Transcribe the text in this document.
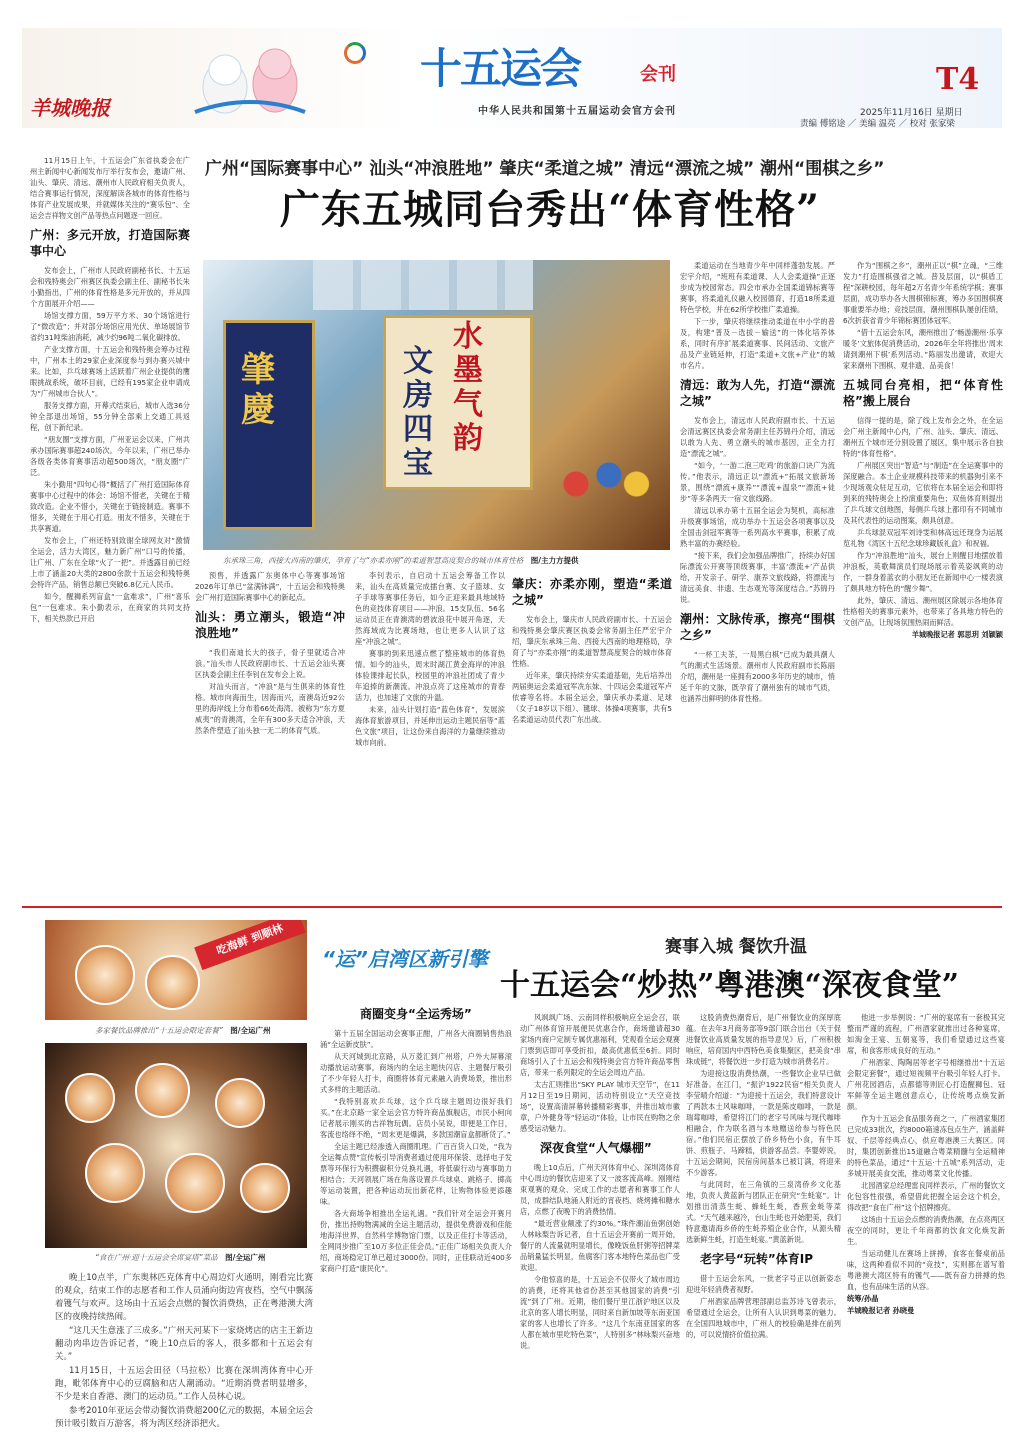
羊城晚报
十五运会	会刊
中华人民共和国第十五届运动会官方会刊
T4
2025年11月16日 星期日
责编 傅铭途 ／ 美编 温亮 ／ 校对 张家梁
广州“国际赛事中心” 汕头“冲浪胜地” 肇庆“柔道之城” 清远“漂流之城” 潮州“围棋之乡”
广东五城同台秀出“体育性格”

11月15日上午，十五运会广东省执委会在广州主新闻中心新闻发布厅举行发布会，邀请广州、汕头、肇庆、清远、潮州市人民政府相关负责人，结合赛事运行情况，深度解读各城市的体育性格与体育产业发展成果，并就媒体关注的“赛乐包”、全运会吉祥物文创产品等热点问题逐一回应。

广州：多元开放，打造国际赛事中心

发布会上，广州市人民政府副秘书长、十五运会和残特奥会广州赛区执委会副主任、副秘书长朱小勤指出，广州的体育性格是多元开放的，并从四个方面展开介绍——

场馆支撑方面，59万平方米、30个场馆进行了“微改造”；并对部分场馆应用光伏、单场展馆节省约31吨柴油消耗，减少约96吨二氧化碳排放。

产业支撑方面，十五运会和残特奥会筹办过程中，广州本土的29家企业深度参与到办赛兴城中来。比如，乒乓球赛场上活跃着广州企业提供的鹰眼挑战系统，破坏目前，已经有195家企业申请成为“广州城市合伙人”。

服务支撑方面，开幕式结束后，城市入选36分钟全部退出场馆，55分钟全部乘上交通工具返程，创下新纪录。

“朋友圈”支撑方面，广州亚运会以来，广州共承办国际赛事超240场次。今年以来，广州已举办各级各类体育赛事活动超500场次，“朋友圈”广泛。

朱小勤用“四句心得”概括了广州打造国际体育赛事中心过程中的体会：场馆不惜老，关键在于精致改造。企业不惜小，关键在于链接制造。赛事不惜多，关键在于用心打造。朋友不惜多，关键在于共享赛道。

发布会上，广州还特别致谢全球网友对“激情全运会，活力大湾区，魅力新广州”口号的传播，让广州、广东在全球“火了一把”。并透露目前已经上市了涵盖20大类的2800余款十五运会和残特奥会特许产品，销售总额已突破6.8亿元人民币。

如今，醒狮系列盲盒“一盒难求”，广州“喜乐包”一包难求。朱小勤表示，在商家的共同支持下，相关热款已开启

肇慶
水墨气韵
文房四宝
东承珠三角，西接大西南的肇庆，孕育了与“亦柔亦刚”的柔道智慧高度契合的城市体育性格　 图/主力方提供

预售，并透露广东奥体中心等赛事场馆2026年订单已“盆满钵满”，十五运会和残特奥会广州打造国际赛事中心的新起点。

汕头：勇立潮头，锻造“冲浪胜地”

“我们南迪长大的孩子，骨子里就适合冲浪。”汕头市人民政府副市长、十五运会汕头赛区执委会副主任李钊在发布会上说。

对汕头而言，“冲浪”是与生俱来的体育性格。城市向海而生，因海而兴，南澳岛近92公里的海岸线上分布着66处海湾。被称为“东方夏威夷”的青澳湾，全年有300多天适合冲浪，天然条件塑造了汕头独一无二的体育气质。

李钊表示，自启动十五运会筹备工作以来，汕头在高质量完成擂台赛、女子篮球、女子手球等赛事任务后，如今正迎来最具地域特色的竞技体育项目——冲浪。15支队伍、56名运动员正在青澳湾的碧波浪花中展开角逐，天然海域成为比赛场地，也让更多人认识了这座“冲浪之城”。

赛事的到来迅速点燃了整座城市的体育热情。如今的汕头，周末时湖江黄金海岸的冲浪体验课排起长队，校园里的冲浪社团成了青少年追捧的新潮流。冲浪点亮了这座城市的青春活力，也加速了文旅的升温。

未来，汕头计划打造“蓝色体育”，发展滨海体育旅游项目，并延伸出运动主题民宿等“蓝色文旅”项目，让这份来自海洋的力量继续推动城市向前。

肇庆：亦柔亦刚，塑造“柔道之城”

发布会上，肇庆市人民政府副市长、十五运会和残特奥会肇庆赛区执委会常务副主任严宏宇介绍，肇庆东承珠三角、西接大西南的地理格局，孕育了与“亦柔亦刚”的柔道智慧高度契合的城市体育性格。

近年来，肇庆持续夯实柔道基础，先后培养出两届奥运会柔道冠军冼东妹、十四运会柔道冠军卢依睿等名将。本届全运会，肇庆承办柔道、足球（女子18岁以下组）、毽球、体操4项赛事，共有5名柔道运动员代表广东出战。

柔道运动在当地青少年中同样蓬勃发展。严宏宇介绍，“班班有柔道课、人人会柔道操”正逐步成为校园常态。四会市承办全国柔道锦标赛等赛事，将柔道礼仪融入校园德育，打造18所柔道特色学校，并在62所学校推广柔道操。

下一步，肇庆将继续推动柔道在中小学的普及，构建“普及－选拔－输送”的一体化培养体系，同时有序扩展柔道赛事、民间活动、文旅产品及产业链延伸，打造“柔道+文旅+产业”的城市名片。

清远：敢为人先，打造“漂流之城”

发布会上，清远市人民政府副市长、十五运会清远赛区执委会常务副主任苏锦丹介绍，清远以敢为人先、勇立潮头的城市基因，正全力打造“漂流之城”。

“如今，‘一游二泡三吃鸡’的旅游口诀广为流传。”他表示，清远正以“漂流+”拓展文旅新场景，围绕“漂流+康养”“漂流+温泉”“漂流+徒步”等多条两天一宿文旅线路。

清远以承办第十五届全运会为契机，高标准升级赛事场馆，成功举办十五运会各项赛事以及全国击剑冠军赛等一系列高水平赛事，积累了成熟丰富的办赛经验。

“接下来，我们会加强品牌推广，持续办好国际漂流公开赛等顶级赛事，丰富‘漂流+’产品供给，开发亲子、研学、康养文旅线路，将漂流与清远美食、非遗、生态观光等深度结合。”苏锦丹说。

潮州：文脉传承，擦亮“围棋之乡”

“一杯工夫茶，一局黑白棋”已成为最具潮人气的潮式生活场景。潮州市人民政府副市长陈丽介绍，潮州是一座拥有2000多年历史的城市，悄延千年的文脉，既孕育了潮州独有的城市气质，也涵养出鲜明的体育性格。

作为“围棋之乡”，潮州正以“棋”立魂，“三维发力”打造围棋强省之城。普及层面，以“棋盾工程”深耕校园，每年超2万名青少年系统学棋；赛事层面，成功举办各大围棋锦标赛，筹办多国围棋赛事重要举办地；竞技层面，潮州围棋队屡创佳绩，6次折获省青少年锦标赛团体冠军。

“借十五运会东风，潮州推出了‘畅游潮州·乐享暖冬’文旅体促消费活动，2026年全年将推出‘周末请到潮州下棋’系列活动。”陈丽发出邀请，欢迎大家来潮州下围棋、观非遗、品美食！

五城同台亮相，把“体育性格”搬上展台

信得一提的是，除了线上发布会之外，在全运会广州主新闻中心内，广州、汕头、肇庆、清远、潮州五个城市还分别设置了展区，集中展示各自独特的“体育性格”。

广州展区突出“智造”与“制造”在全运赛事中的深度融合。本土企业规模科技带来的机器狗引来不少现场观众驻足互动，它依将在本届全运会和即将到来的残特奥会上扮演重要角色；双鱼体育则提出了乒乓球文创地图，每侧乒乓球上都印有不同城市及其代表性的运动图案，颇具创意。

乒乓球混双冠军刘诗雯和林高远还现身为运展览礼物《湾区十五纪念球珍藏版礼盒》和祝福。

作为“冲浪胜地”汕头，展台上则醒目地摆放着冲浪板，英歌舞演员们现场展示着英姿飒爽的动作，一群身着蓝衣的小朋友还在新闻中心一楼表演了颇具地方特色的“醒少舞”。

此外，肇庆、清远、潮州展区除展示各地体育性格相关的赛事元素外，也带来了各具地方特色的文创产品，让现场氛围热闹而鲜活。

羊城晚报记者 郭思玥 刘颖颖

吃海鲜 到顺林
多家餐饮品牌推出“十五运会限定套餐”　 图/全运广州
“食在广州·迎十五运会全席宴塔”菜品　 图/全运广州
“运”启湾区新引擎	赛事入城 餐饮升温
十五运会“炒热”粤港澳“深夜食堂”

晚上10点半，广东奥林匹克体育中心周边灯火通明，刚看完比赛的观众，结束工作的志愿者和工作人员涌向街边宵夜档，空气中飘荡着镬气与欢声。这场由十五运会点燃的餐饮消费热，正在粤港澳大湾区的夜晚持续热闹。

“这几天生意涨了三成多。”广州天河某下一家烧烤店的店主王新边翻动肉串边告诉记者，“晚上10点后的客人，很多都和十五运会有关。”

11月15日，十五运会田径（马拉松）比赛在深圳湾体育中心开跑，毗邻体育中心的豆腐脑和店人潮涌动。“近期消费者明显增多，不少是来自香港、澳门的运动员。”工作人员林心说。

参考2010年亚运会带动餐饮消费超200亿元的数据，本届全运会预计吸引数百万游客，将为湾区经济添把火。

商圈变身“全运秀场”

第十五届全国运动会赛事正酣，广州各大商圈销售热浪涌“全运新皮肤”。

从天河城到北京路，从万菱汇到广州塔，户外大屏幕滚动播放运动赛事，商场内的全运主题快闪店、主题餐厅吸引了不少年轻人打卡，商圈将体育元素融入消费场景，推出形式多样的主题活动。

“我特别喜欢乒乓球，这个乒乓球主题周边很好我们买。”在北京路一家全运会官方特许商品旗舰店，市民小柯向记者展示刚买的吉祥物玩偶。店员小吴说，即便是工作日，客流也络绎不绝，“周末更是爆满，多款国潮盲盒都断货了。”

全运主题已经渗透入商圈肌理。广百百货入口处，“我为全运舞点赞”宣传板引导消费者通过使用环保袋、选择电子发票等环保行为积攒碳积分兑换礼遇，将低碳行动与赛事助力相结合；天河领展广场在角落设置乒乓球桌、跳格子、掷高等运动装置，把各种运动玩出新花样，让购物体验更添趣味。

各大商场争相推出全运礼遇。“我们针对全运会开赛月份，推出持购物满减的全运主题活动，提供免费游戏和佳能地海洋世界，自然科学博物馆门票，以及正佳打卡等活动，全网同步推广至10万多位正佳会员。”正佳广场相关负责人介绍，商场稳定订单已超过3000份。同时，正佳联动近400多家商户打造“康民化”。

风飒飒广场、云南同样积极响应全运会召，联动广州体育馆开展便民优惠合作，商场邀请超30家场内商户定制专属优惠福利，凭观看全运会观赛门票到店即可享受折扣，最高优惠低至6折。同时商场引入了十五运会和残特奥会官方特许商品零售店，带来一系列限定的全运会周边产品。

太古汇则推出“SKY PLAY 城市天空节”，在11月12日至19日期间，活动特别设立“天空竞技场”，设置高清屏幕转播精彩赛事，并推出城市徽章，户外健身等“轻运动”体验，让市民在购物之余感受运动魅力。

深夜食堂“人气爆棚”

晚上10点后，广州天河体育中心、深圳湾体育中心周边的餐饮店迎来了又一波客流高峰。刚刚结束观赛的观众、完成工作的志愿者和赛事工作人员，成群结队地涌入附近的宵夜档、烧烤摊和糖水店，点燃了夜晚下的消费热情。

“最近营业额涨了约30%。”珠件潮汕鱼粥创始人林咏梨告诉记者，自十五运会开赛前一周开始，餐厅的人流量就明显增长，像晚饭鱼肝粥等招牌菜品销量猛长明显，鱼腐客门客本地特色菜品也广受欢迎。

令他惊喜的是，十五运会不仅带火了城市周边的消费，还将其他省份甚至其他国家的消费“引流”到了广州。近期，他们餐厅里江浙沪地区以及北京的客人增长明显，同时来自新加坡等东南亚国家的客人也增长了许多。“这几个东南亚国家的客人都在城市里吃特色菜”，人特别多”林咏梨兴奋地说。

这股消费热潮背后，是广州餐饮业的深厚底蕴。在去年3月商务部等9部门联合出台《关于促进餐饮业高质量发展的指导意见》后，广州积极响应，培育国内中西特色美食集聚区，把美食“串珠成链”，将餐饮进一步打造为城市消费名片。

为迎接这股消费热潮，一些餐饮企业早已做好准备。在江门，“振沪1922民宿”相关负责人李莹晴介绍道：“为迎接十五运会，我们特意设计了两款本土风味咖啡，一款是陈皮咖啡，一款是瑞莓咖啡，希望将江门的老字号风味与现代咖啡相融合，作为联名酒与本地赠送给参与特色民宿。”他们民宿正摆放了侨乡特色小食，有牛耳饼、煎瓶子、马蹄糕，供游客品尝。李婴婷说，十五运会期间，民宿房间基本已被订满，将迎来不少游客。

与此同时，在三角镇的三泉湾侨乡文化基地，负责人黄蓝新与团队正在研究“生蚝宴”。计划推出清蒸生蚝、蜂蚝生蚝，香煎金蚝等菜式。“天气越来越冷，台山生蚝也开始肥美，我们特意邀请海乡侨的生蚝养殖企业合作，从源头精选新鲜生蚝，打造生蚝宴。”黄蓝新说。

老字号“玩转”体育IP

借十五运会东风，一批老字号正以创新姿态迎进年轻消费者视野。

广州酒家品牌营理部副总监苏诗飞曾表示，希望通过全运会，让所有人认识到粤菜的魅力。在全国四地城市中，广州人的校验确是排在前列的，可以说情挤价值拉满。

他进一步举例说：“广州的宴席有一套极其完整而严谨的流程，广州酒家就推出过各种宴席，如淘金王宴、五朝宴等，我们希望通过这些宴席，和食客形成良好的互动。”

广州酒家、陶陶居等老字号相继推出“十五运会限定套餐”，通过短视频平台吸引年轻人打卡。广州花园酒店，点都德等则匠心打造醒狮包、冠军鲜等全运主题创意点心，让传统粤点焕发新颜。

作为十五运会食品服务商之一，广州酒家集团已完成33批次，约8000箱速冻包点生产，涵盖鲜奴、千层等经典点心，供应粤港澳三大赛区。同时，集团创新推出15道融合粤菜精髓与全运精神的特色菜品，通过“十五运·十五城”系列活动，走多城开展美食交流，推动粤菜文化传播。

北园酒家总经理雷良同样表示，广州的餐饮文化包容性很强，希望借此把握全运会这个机会，得改把“食在广州”这个招牌擦亮。

这场由十五运会点燃的消费热潮，在点亮两区夜空的同时，更让千年商都的饮食文化焕发新生。

当运动健儿在赛场上拼搏，食客在餐桌前品味，这两种看似不同的“竞技”，实则都在谱写着粤港澳大湾区特有的镬气——既有奋力拼搏的热血，也有品味生活的从容。

统筹/孙晶

羊城晚报记者 孙晓曼
